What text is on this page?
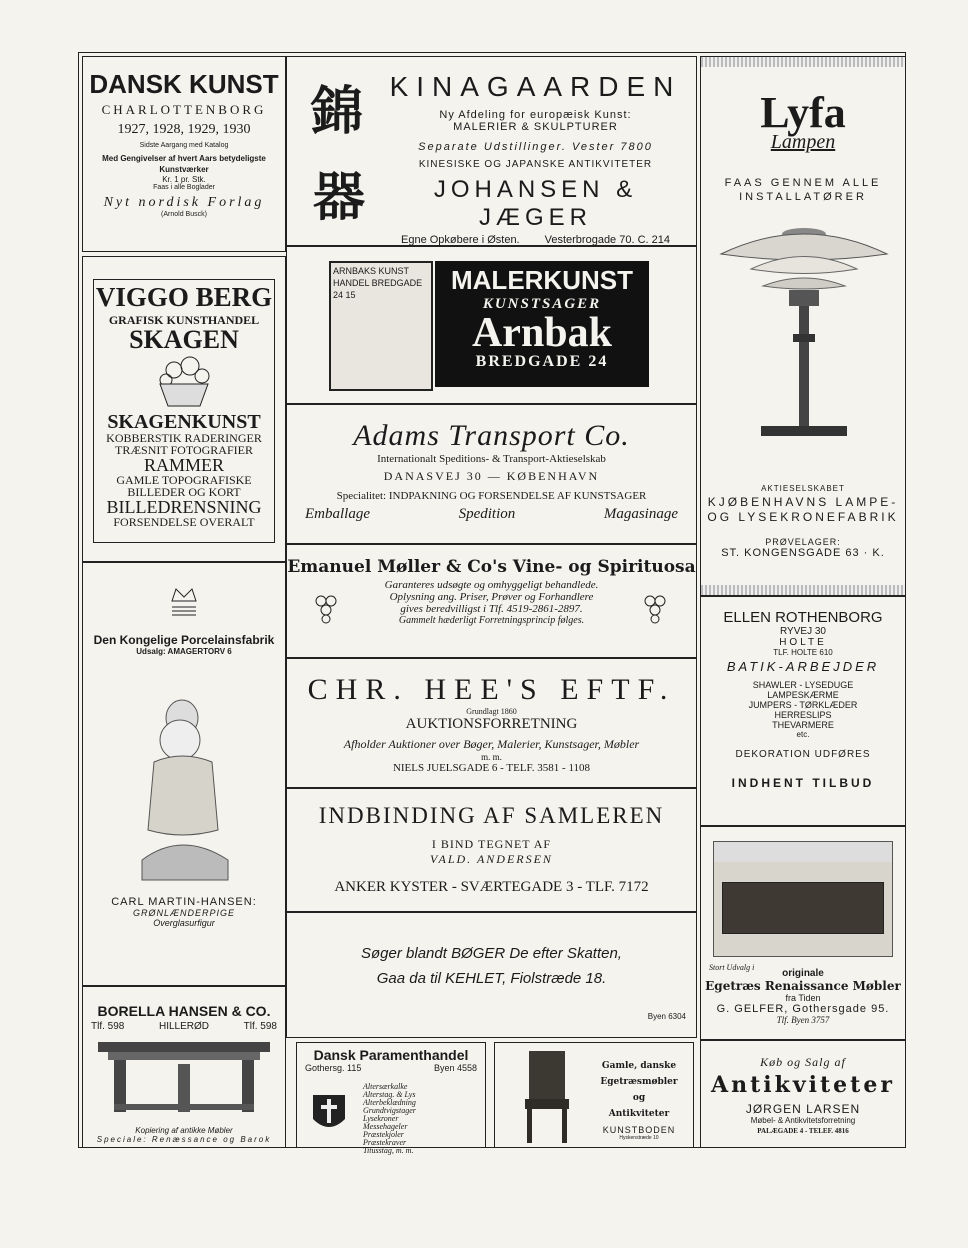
DANSK KUNST
CHARLOTTENBORG
1927, 1928, 1929, 1930
Sidste Aargang med Katalog
Med Gengivelser af hvert Aars betydeligste Kunstværker
Kr. 1 pr. Stk.
Faas i alle Boglader
Nyt nordisk Forlag
(Arnold Busck)
錦
器
KINAGAARDEN
Ny Afdeling for europæisk Kunst:
MALERIER & SKULPTURER
Separate Udstillinger. Vester 7800
KINESISKE OG JAPANSKE ANTIKVITETER
JOHANSEN & JÆGER
Egne Opkøbere i Østen. Vesterbrogade 70. C. 214
Lyfa
Lampen
FAAS GENNEM ALLE INSTALLATØRER
AKTIESELSKABET
KJØBENHAVNS LAMPE- OG LYSEKRONEFABRIK
PRØVELAGER:
ST. KONGENSGADE 63 · K.
VIGGO BERG
GRAFISK KUNSTHANDEL
SKAGEN
SKAGENKUNST
KOBBERSTIK RADERINGER
TRÆSNIT FOTOGRAFIER
RAMMER
GAMLE TOPOGRAFISKE
BILLEDER OG KORT
BILLEDRENSNING
FORSENDELSE OVERALT
ARNBAKS KUNST HANDEL BREDGADE 24 15	MALERKUNST
KUNSTSAGER
Arnbak
BREDGADE 24
Adams Transport Co.
Internationalt Speditions- & Transport-Aktieselskab
DANASVEJ 30 — KØBENHAVN
Specialitet: INDPAKNING OG FORSENDELSE AF KUNSTSAGER
Emballage	Spedition	Magasinage
Emanuel Møller & Co's Vine- og Spirituosa
Garanteres udsøgte og omhyggeligt behandlede.
Oplysning ang. Priser, Prøver og Forhandlere
gives beredvilligst i Tlf. 4519-2861-2897.
Gammelt hæderligt Forretningsprincip følges.
CHR. HEE'S EFTF.
Grundlagt 1860
AUKTIONSFORRETNING
Afholder Auktioner over Bøger, Malerier, Kunstsager, Møbler
m. m.
NIELS JUELSGADE 6 - TELF. 3581 - 1108
INDBINDING AF SAMLEREN
I BIND TEGNET AF
VALD. ANDERSEN
ANKER KYSTER - SVÆRTEGADE 3 - TLF. 7172
Den Kongelige Porcelainsfabrik
Udsalg: AMAGERTORV 6
CARL MARTIN-HANSEN:
GRØNLÆNDERPIGE
Overglasurfigur
ELLEN ROTHENBORG
RYVEJ 30
HOLTE
TLF. HOLTE 610
BATIK-ARBEJDER
SHAWLER - LYSEDUGE
LAMPESKÆRME
JUMPERS - TØRKLÆDER
HERRESLIPS
THEVARMERE
etc.
DEKORATION UDFØRES
INDHENT TILBUD
Søger blandt BØGER De efter Skatten,
Gaa da til KEHLET, Fiolstræde 18.
Byen 6304
Stort Udvalg i
originale
Egetræs Renaissance Møbler
fra Tiden
G. GELFER, Gothersgade 95.
Tlf. Byen 3757
BORELLA HANSEN & CO.
Tlf. 598	HILLERØD	Tlf. 598
Kopiering af antikke Møbler
Speciale: Renæssance og Barok
Dansk Paramenthandel
Gothersg. 115	Byen 4558
Altersærkalke
Alterstag. & Lys
Alterbeklædning
Grundtvigstager
Lysekroner
Messehageler
Præstekjoler
Præstekraver
Titusstag, m. m.
Gamle, danske
Egetræsmøbler
og
Antikviteter
KUNSTBODEN
Hyskenstræde 10
Køb og Salg af
Antikviteter
JØRGEN LARSEN
Møbel- & Antikvitetsforretning
PALÆGADE 4 - TELEF. 4816
